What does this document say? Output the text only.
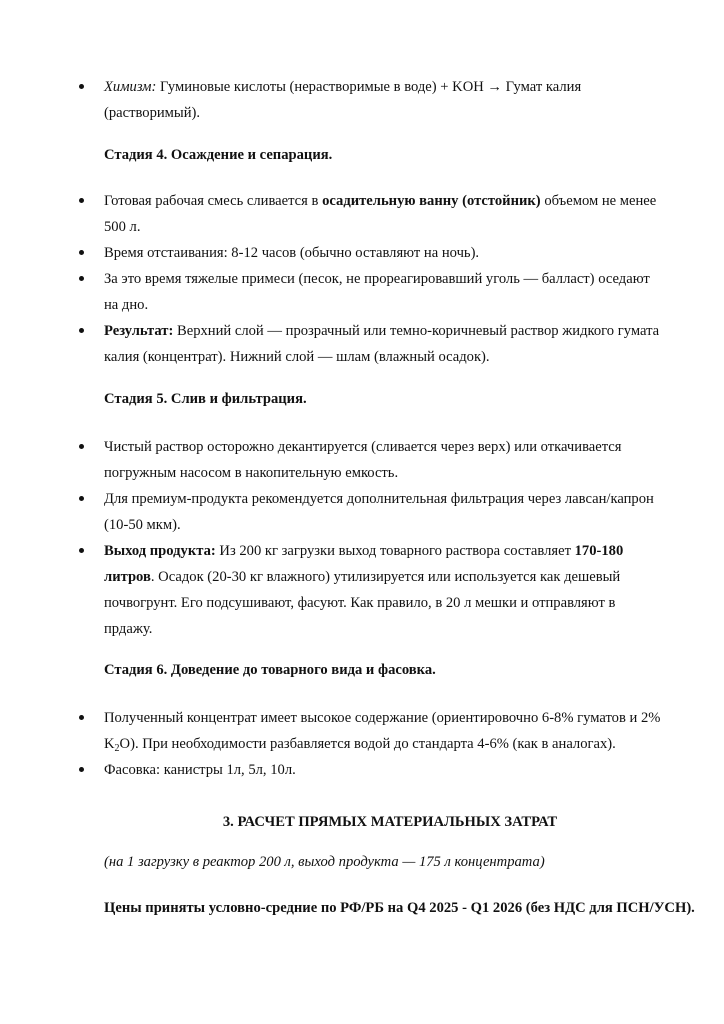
Химизм: Гуминовые кислоты (нерастворимые в воде) + KOH → Гумат калия (растворимый).
Стадия 4. Осаждение и сепарация.
Готовая рабочая смесь сливается в осадительную ванну (отстойник) объемом не менее 500 л.
Время отстаивания: 8-12 часов (обычно оставляют на ночь).
За это время тяжелые примеси (песок, не прореагировавший уголь — балласт) оседают на дно.
Результат: Верхний слой — прозрачный или темно-коричневый раствор жидкого гумата калия (концентрат). Нижний слой — шлам (влажный осадок).
Стадия 5. Слив и фильтрация.
Чистый раствор осторожно декантируется (сливается через верх) или откачивается погружным насосом в накопительную емкость.
Для премиум-продукта рекомендуется дополнительная фильтрация через лавсан/капрон (10-50 мкм).
Выход продукта: Из 200 кг загрузки выход товарного раствора составляет 170-180 литров. Осадок (20-30 кг влажного) утилизируется или используется как дешевый почвогрунт. Его подсушивают, фасуют. Как правило, в 20 л мешки и отправляют в прдажу.
Стадия 6. Доведение до товарного вида и фасовка.
Полученный концентрат имеет высокое содержание (ориентировочно 6-8% гуматов и 2% $K_2O$). При необходимости разбавляется водой до стандарта 4-6% (как в аналогах).
Фасовка: канистры 1л, 5л, 10л.
3. РАСЧЕТ ПРЯМЫХ МАТЕРИАЛЬНЫХ ЗАТРАТ
(на 1 загрузку в реактор 200 л, выход продукта — 175 л концентрата)
Цены приняты условно-средние по РФ/РБ на Q4 2025 - Q1 2026 (без НДС для ПСН/УСН).
